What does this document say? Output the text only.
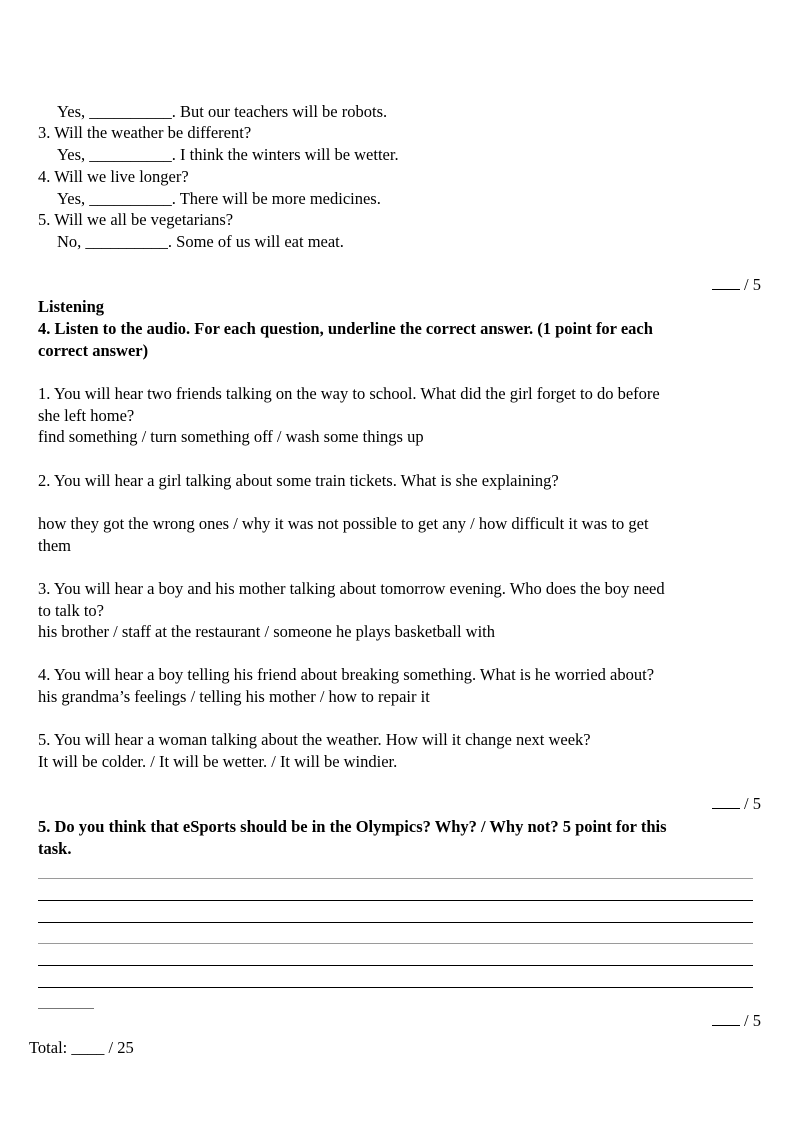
Yes, __________. But our teachers will be robots.
3. Will the weather be different?
Yes, __________. I think the winters will be wetter.
4. Will we live longer?
Yes, __________. There will be more medicines.
5. Will we all be vegetarians?
No, __________. Some of us will eat meat.
/ 5
Listening
4. Listen to the audio. For each question, underline the correct answer. (1 point for each
correct answer)
1. You will hear two friends talking on the way to school. What did the girl forget to do before
she left home?
find something / turn something off / wash some things up
2. You will hear a girl talking about some train tickets. What is she explaining?
how they got the wrong ones / why it was not possible to get any / how difficult it was to get
them
3. You will hear a boy and his mother talking about tomorrow evening. Who does the boy need
to talk to?
his brother / staff at the restaurant / someone he plays basketball with
4. You will hear a boy telling his friend about breaking something. What is he worried about?
his grandma’s feelings / telling his mother / how to repair it
5. You will hear a woman talking about the weather. How will it change next week?
It will be colder. / It will be wetter. / It will be windier.
/ 5
5. Do you think that eSports should be in the Olympics? Why? / Why not? 5 point for this
task.
/ 5
Total: ____ / 25
